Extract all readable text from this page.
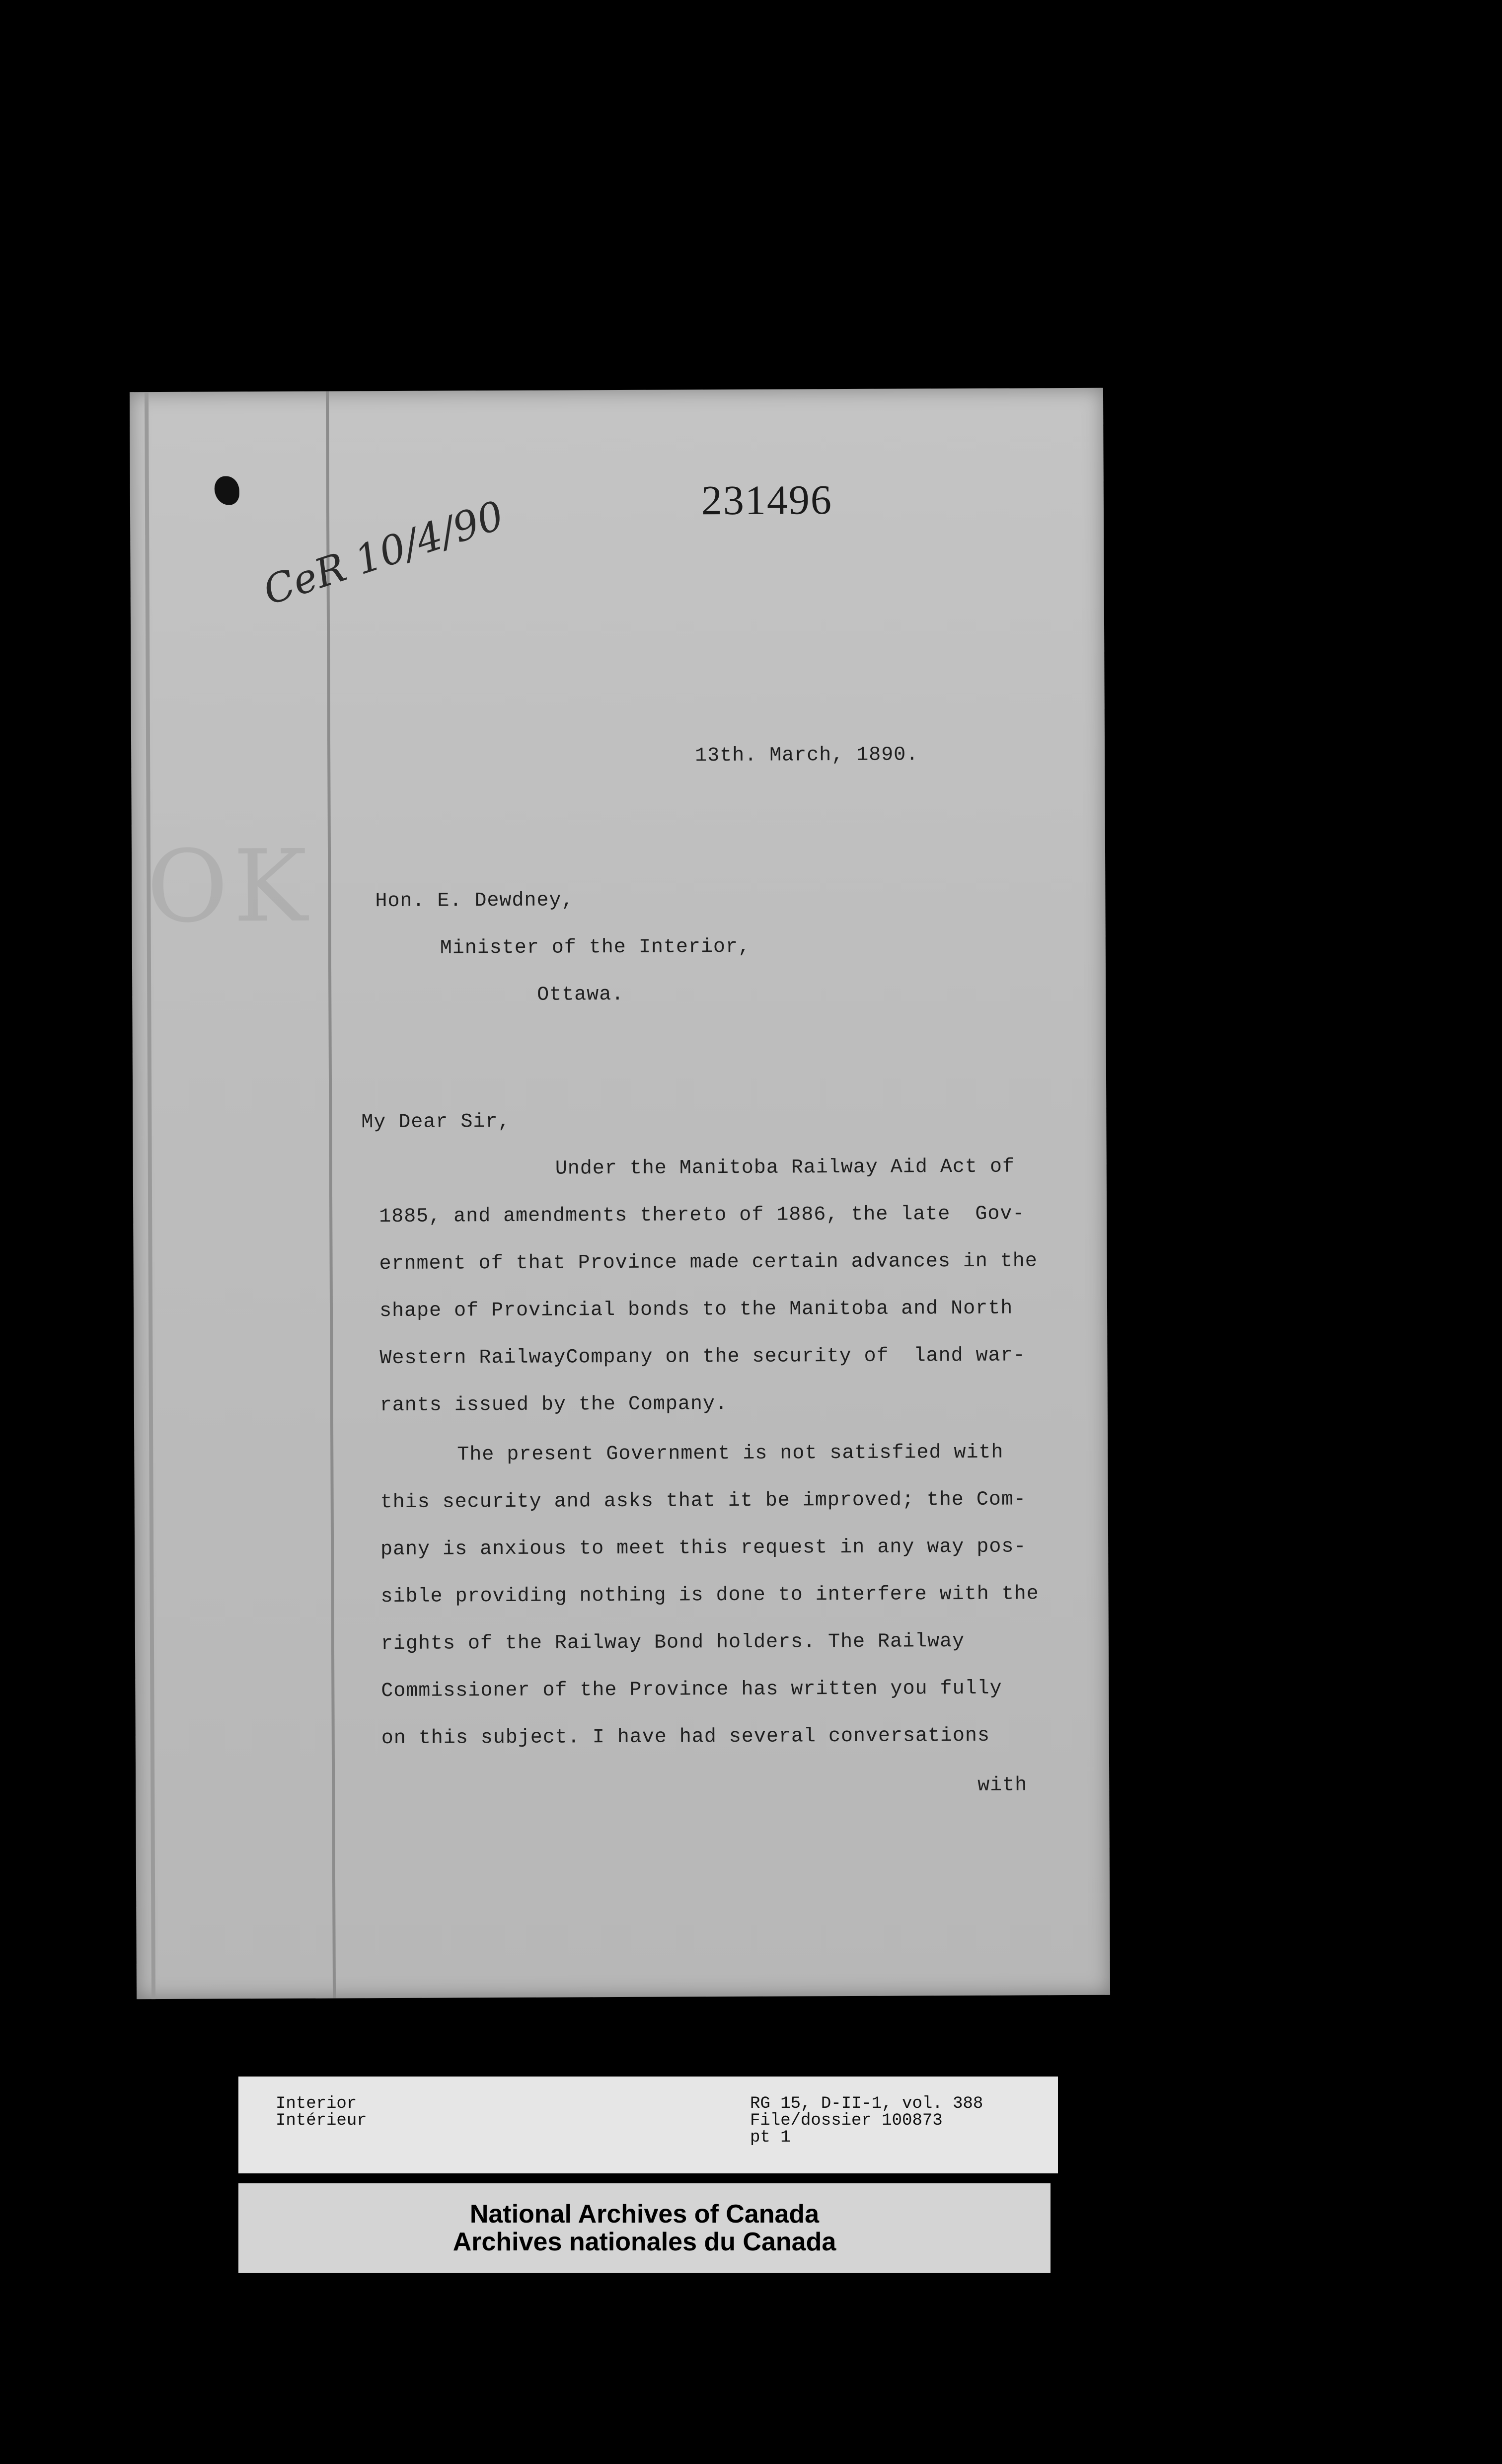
OK
231496
CeR 10/4/90
13th. March, 1890.
Hon. E. Dewdney,
Minister of the Interior,
Ottawa.
My Dear Sir,
Under the Manitoba Railway Aid Act of
1885, and amendments thereto of 1886, the late  Gov-
ernment of that Province made certain advances in the
shape of Provincial bonds to the Manitoba and North
Western RailwayCompany on the security of  land war-
rants issued by the Company.
The present Government is not satisfied with
this security and asks that it be improved; the Com-
pany is anxious to meet this request in any way pos-
sible providing nothing is done to interfere with the
rights of the Railway Bond holders. The Railway
Commissioner of the Province has written you fully
on this subject. I have had several conversations
with
Interior
Intérieur
RG 15, D-II-1, vol. 388
File/dossier 100873
pt 1
National Archives of Canada
Archives nationales du Canada
